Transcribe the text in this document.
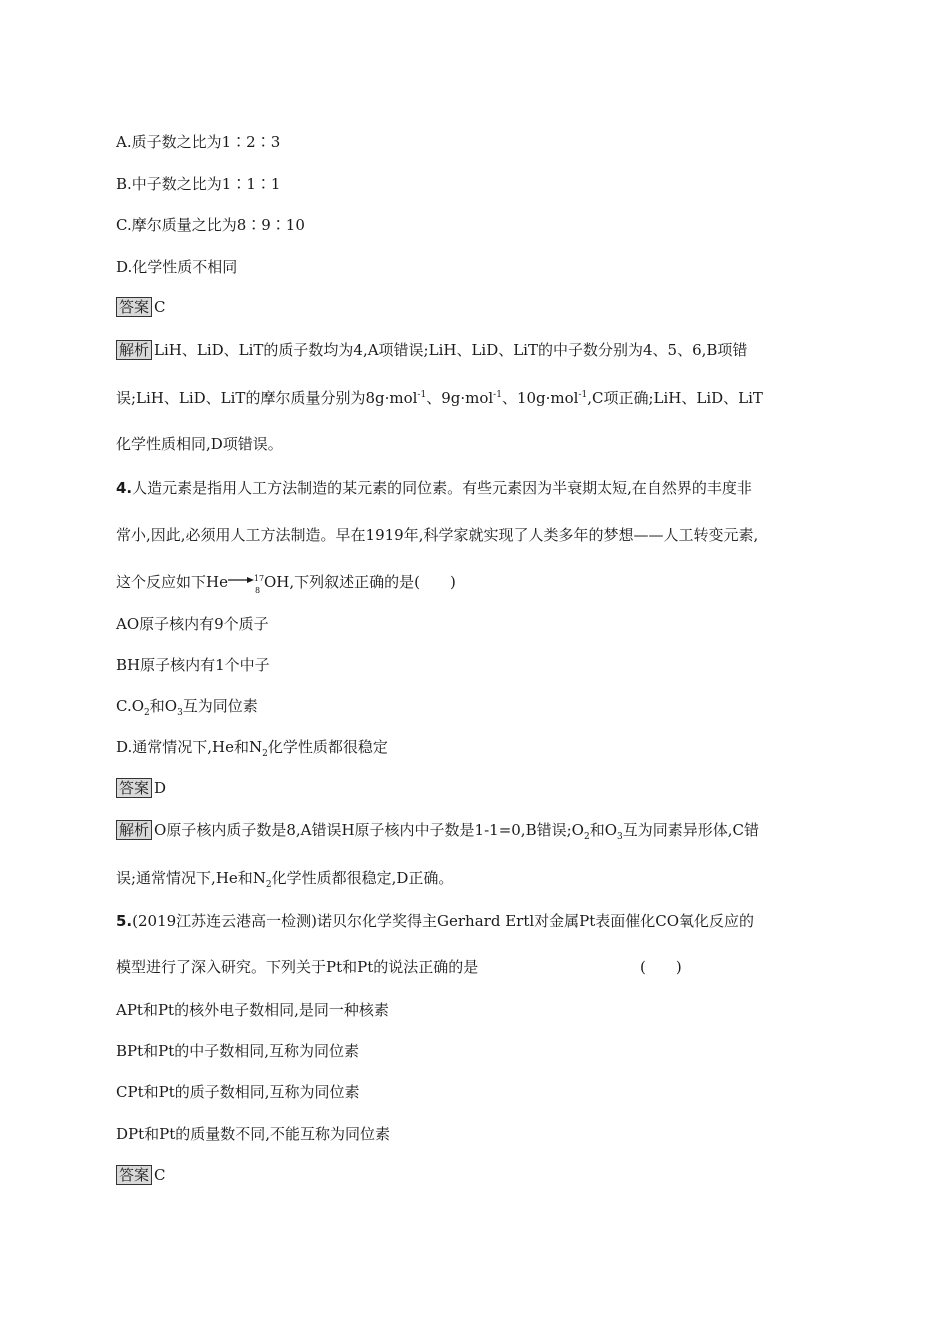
A.质子数之比为1∶2∶3
B.中子数之比为1∶1∶1
C.摩尔质量之比为8∶9∶10
D.化学性质不相同
答案 C
解析 LiH、LiD、LiT的质子数均为4,A项错误;LiH、LiD、LiT的中子数分别为4、5、6,B项错
误;LiH、LiD、LiT的摩尔质量分别为8g·mol$^{-1}$、9g·mol$^{-1}$、10g·mol$^{-1}$,C项正确;LiH、LiD、LiT
化学性质相同,D项错误。
4.人造元素是指用人工方法制造的某元素的同位素。有些元素因为半衰期太短,在自然界的丰度非
常小,因此,必须用人工方法制造。早在1919年,科学家就实现了人类多年的梦想——人工转变元素,
这个反应如下He→ 17
8 OH,下列叙述正确的是(　　)
AO原子核内有9个质子
BH原子核内有1个中子
$C.O_2$和$O_3$互为同位素
D.通常情况下,He和$N_2$化学性质都很稳定
答案 D
解析 O原子核内质子数是8,A错误H原子核内中子数是1-1=0,B错误$;O_2$和$O_3$互为同素异形体,C错
误;通常情况下,He和$N_2$化学性质都很稳定,D正确。
5.(2019江苏连云港高一检测)诺贝尔化学奖得主Gerhard Ertl对金属Pt表面催化CO氧化反应的
模型进行了深入研究。下列关于Pt和Pt的说法正确的是	(　　)
APt和Pt的核外电子数相同,是同一种核素
BPt和Pt的中子数相同,互称为同位素
CPt和Pt的质子数相同,互称为同位素
DPt和Pt的质量数不同,不能互称为同位素
答案 C
